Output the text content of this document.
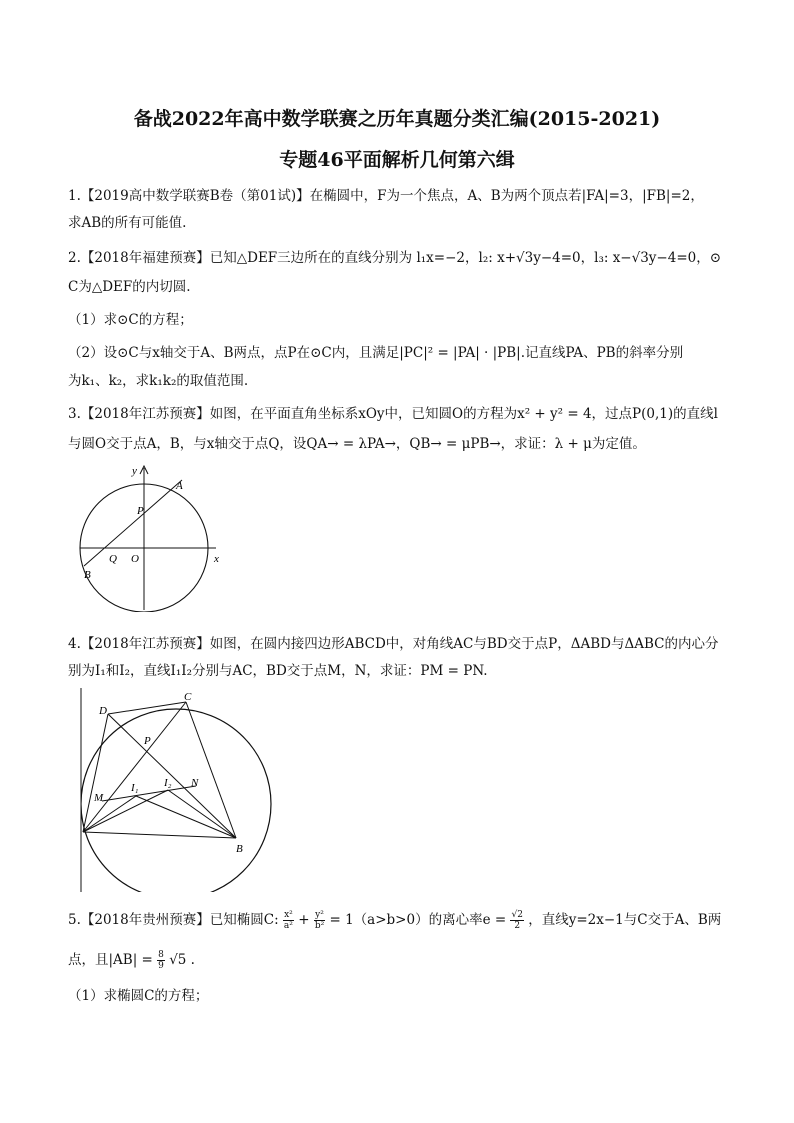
备战2022年高中数学联赛之历年真题分类汇编(2015-2021)
专题46平面解析几何第六缉
1.【2019高中数学联赛B卷（第01试)】在椭圆中，F为一个焦点，A、B为两个顶点若|FA|=3，|FB|=2，
求AB的所有可能值.
2.【2018年福建预赛】已知△DEF三边所在的直线分别为 l₁x=−2，l₂: x+√3y−4=0，l₃: x−√3y−4=0，⊙
C为△DEF的内切圆.
（1）求⊙C的方程；
（2）设⊙C与x轴交于A、B两点，点P在⊙C内，且满足|PC|² = |PA| · |PB|.记直线PA、PB的斜率分别
为k₁、k₂，求k₁k₂的取值范围.
3.【2018年江苏预赛】如图，在平面直角坐标系xOy中，已知圆O的方程为x² + y² = 4，过点P(0,1)的直线l
与圆O交于点A，B，与x轴交于点Q，设QA→ = λPA→，QB→ = μPB→，求证：λ + μ为定值。
y
A
P
Q O	x
B
4.【2018年江苏预赛】如图，在圆内接四边形ABCD中，对角线AC与BD交于点P，ΔABD与ΔABC的内心分
别为I₁和I₂，直线I₁I₂分别与AC，BD交于点M，N，求证：PM = PN.
C
D
P
I₁ I₂
M
N
B
5.【2018年贵州预赛】已知椭圆C: $\frac{\text{x²}}{\text{a²}} + \frac{\text{y²}}{\text{b²}} = 1(a>b>0)$的离心率$e = \frac{√2}{2}$ ，直线y=2x−1与C交于A、B两
点，且$|AB| = \frac{8}{9} √5$ .
（1）求椭圆C的方程；
